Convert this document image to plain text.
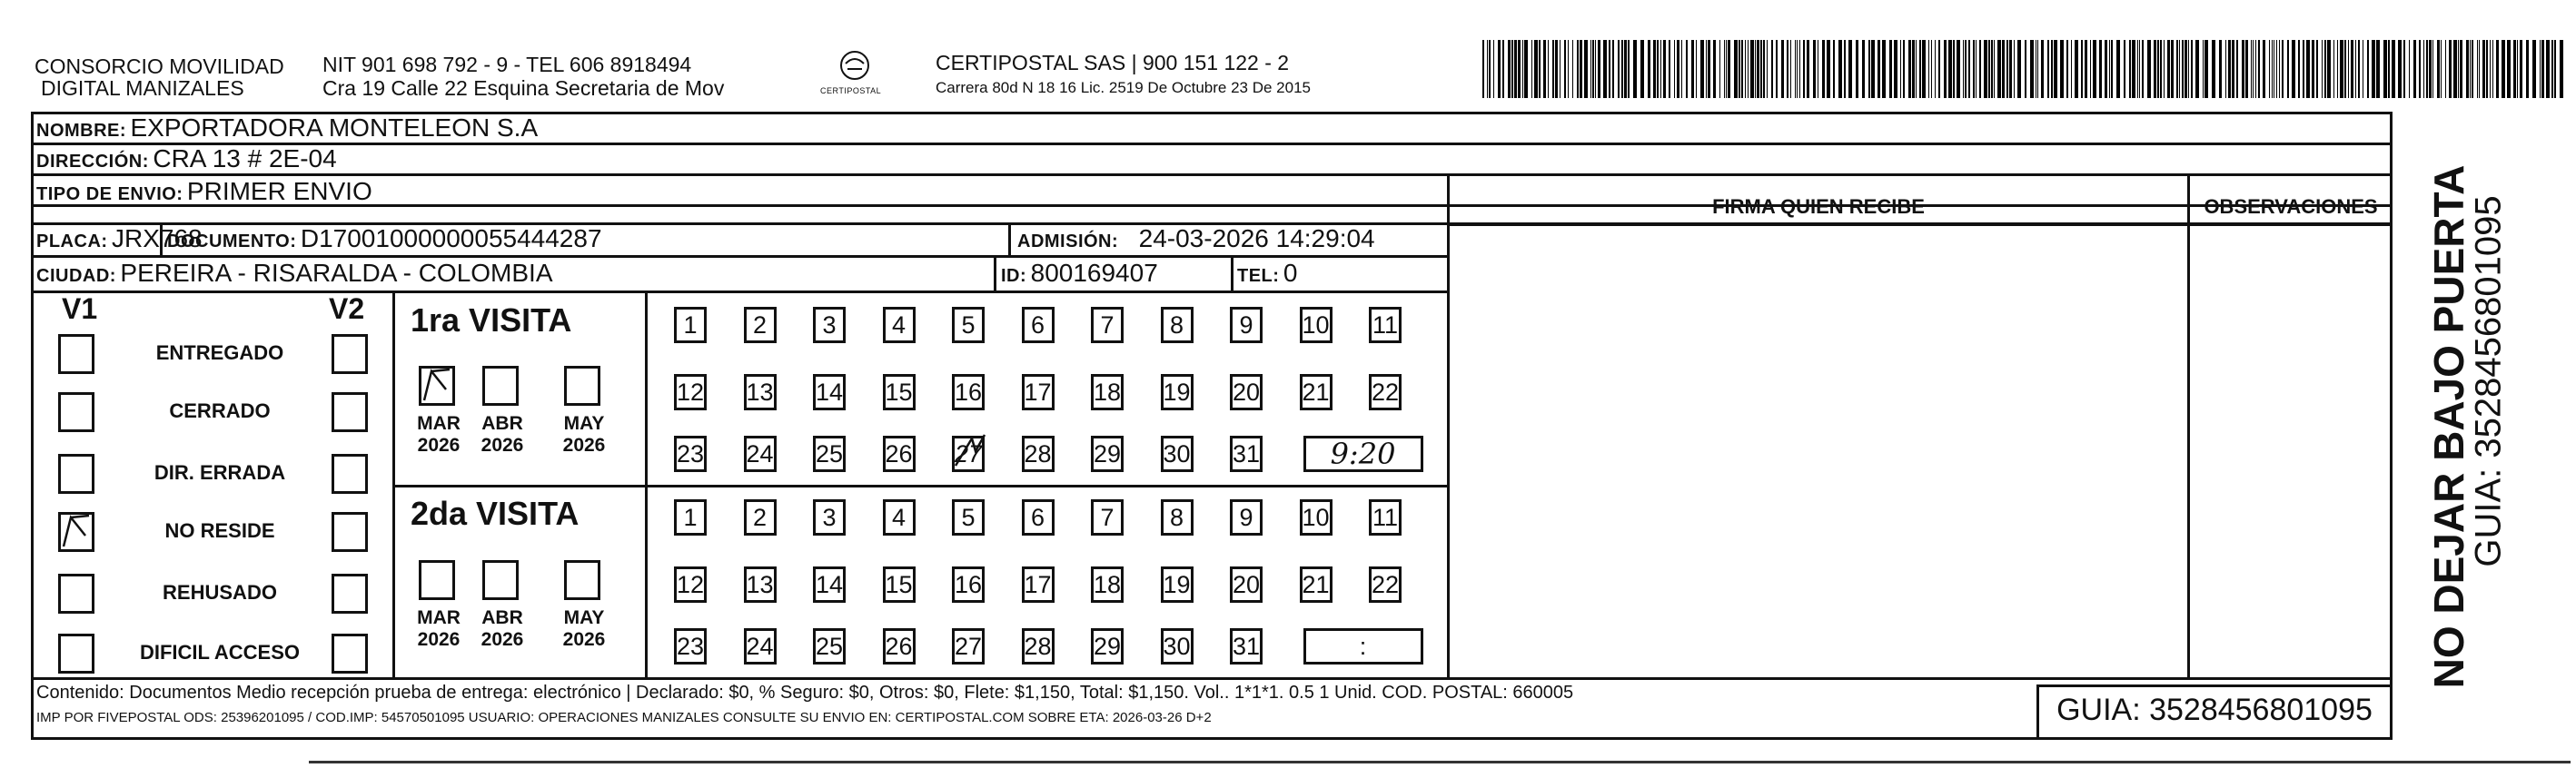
CONSORCIO MOVILIDAD
DIGITAL MANIZALES
NIT 901 698 792 - 9 - TEL 606 8918494
Cra 19 Calle 22 Esquina Secretaria de Mov	CERTIPOSTAL
CERTIPOSTAL SAS | 900 151 122 - 2
Carrera 80d N 18 16 Lic. 2519 De Octubre 23 De 2015
NOMBRE: EXPORTADORA MONTELEON S.A
DIRECCIÓN: CRA 13 # 2E-04
TIPO DE ENVIO: PRIMER ENVIO
FIRMA QUIEN RECIBE	OBSERVACIONES
PLACA: JRX768
DOCUMENTO: D17001000000055444287	ADMISIÓN: 24-03-2026 14:29:04
CIUDAD: PEREIRA - RISARALDA - COLOMBIA	ID: 800169407	TEL: 0
V1	V2 1ra VISITA
2da VISITA
Contenido: Documentos Medio recepción prueba de entrega: electrónico | Declarado: $0, % Seguro: $0, Otros: $0, Flete: $1,150, Total: $1,150. Vol.. 1*1*1. 0.5 1 Unid. COD. POSTAL: 660005
IMP POR FIVEPOSTAL ODS: 25396201095 / COD.IMP: 54570501095 USUARIO: OPERACIONES MANIZALES CONSULTE SU ENVIO EN: CERTIPOSTAL.COM SOBRE ETA: 2026-03-26 D+2	GUIA: 3528456801095
NO DEJAR BAJO PUERTA
GUIA: 3528456801095
ENTREGADO
CERRADO
DIR. ERRADA
NO RESIDE
REHUSADO
DIFICIL ACCESO
MAR
2026
ABR
2026
MAY
2026
MAR
2026
ABR
2026
MAY
2026
1	2	3	4	5	6	7	8	9	10 11
12 13 14 15 16 17 18 19 20 21 22
23 24 25 26 27 28 29 30 31	9:20
1	2	3	4	5	6	7	8	9	10 11
12 13 14 15 16 17 18 19 20 21 22
23 24 25 26 27 28 29 30 31	:
